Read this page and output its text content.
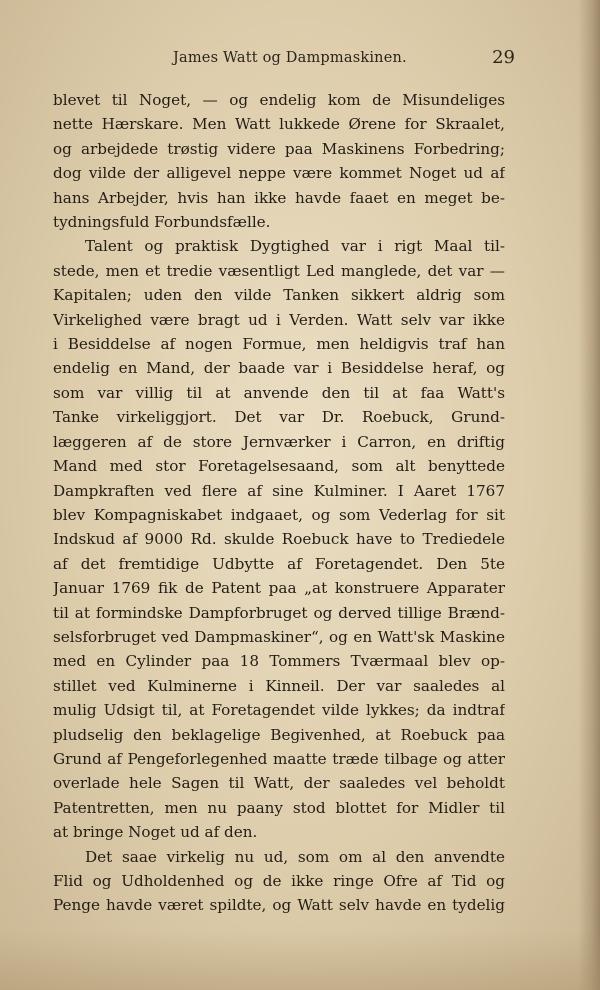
James Watt og Dampmaskinen.	29
blevet til Noget, — og endelig kom de Misundeliges
nette Hærskare. Men Watt lukkede Ørene for Skraalet,
og arbejdede trøstig videre paa Maskinens Forbedring;
dog vilde der alligevel neppe være kommet Noget ud af
hans Arbejder, hvis han ikke havde faaet en meget be-
tydningsfuld Forbundsfælle.
Talent og praktisk Dygtighed var i rigt Maal til-
stede, men et tredie væsentligt Led manglede, det var —
Kapitalen; uden den vilde Tanken sikkert aldrig som
Virkelighed være bragt ud i Verden. Watt selv var ikke
i Besiddelse af nogen Formue, men heldigvis traf han
endelig en Mand, der baade var i Besiddelse heraf, og
som var villig til at anvende den til at faa Watt's
Tanke virkeliggjort. Det var Dr. Roebuck, Grund-
læggeren af de store Jernværker i Carron, en driftig
Mand med stor Foretagelsesaand, som alt benyttede
Dampkraften ved flere af sine Kulminer. I Aaret 1767
blev Kompagniskabet indgaaet, og som Vederlag for sit
Indskud af 9000 Rd. skulde Roebuck have to Trediedele
af det fremtidige Udbytte af Foretagendet. Den 5te
Januar 1769 fik de Patent paa „at konstruere Apparater
til at formindske Dampforbruget og derved tillige Brænd-
selsforbruget ved Dampmaskiner“, og en Watt'sk Maskine
med en Cylinder paa 18 Tommers Tværmaal blev op-
stillet ved Kulminerne i Kinneil. Der var saaledes al
mulig Udsigt til, at Foretagendet vilde lykkes; da indtraf
pludselig den beklagelige Begivenhed, at Roebuck paa
Grund af Pengeforlegenhed maatte træde tilbage og atter
overlade hele Sagen til Watt, der saaledes vel beholdt
Patentretten, men nu paany stod blottet for Midler til
at bringe Noget ud af den.
Det saae virkelig nu ud, som om al den anvendte
Flid og Udholdenhed og de ikke ringe Ofre af Tid og
Penge havde været spildte, og Watt selv havde en tydelig
